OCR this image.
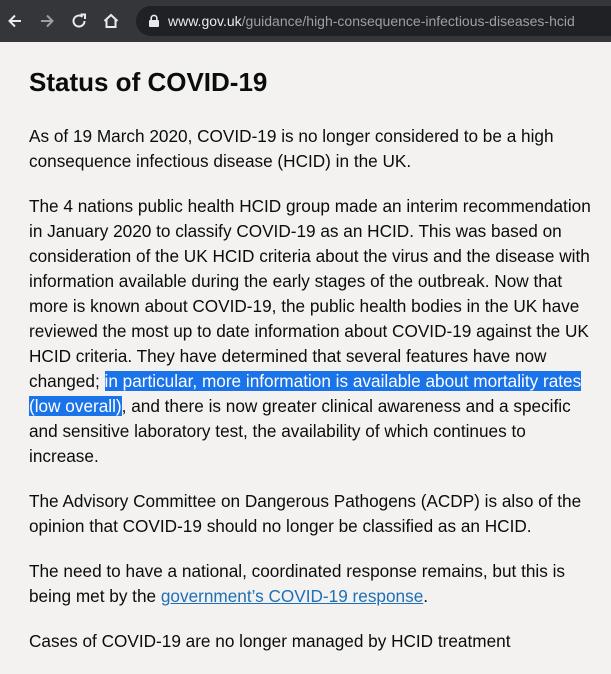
www.gov.uk /guidance/high-consequence-infectious-diseases-hcid
Status of COVID-19

As of 19 March 2020, COVID-19 is no longer considered to be a high consequence infectious disease (HCID) in the UK.

The 4 nations public health HCID group made an interim recommendation in January 2020 to classify COVID-19 as an HCID. This was based on consideration of the UK HCID criteria about the virus and the disease with information available during the early stages of the outbreak. Now that more is known about COVID-19, the public health bodies in the UK have reviewed the most up to date information about COVID-19 against the UK HCID criteria. They have determined that several features have now changed; in particular, more information is available about mortality rates (low overall), and there is now greater clinical awareness and a specific and sensitive laboratory test, the availability of which continues to increase.

The Advisory Committee on Dangerous Pathogens (ACDP) is also of the opinion that COVID-19 should no longer be classified as an HCID.

The need to have a national, coordinated response remains, but this is being met by the government’s COVID-19 response.

Cases of COVID-19 are no longer managed by HCID treatment
